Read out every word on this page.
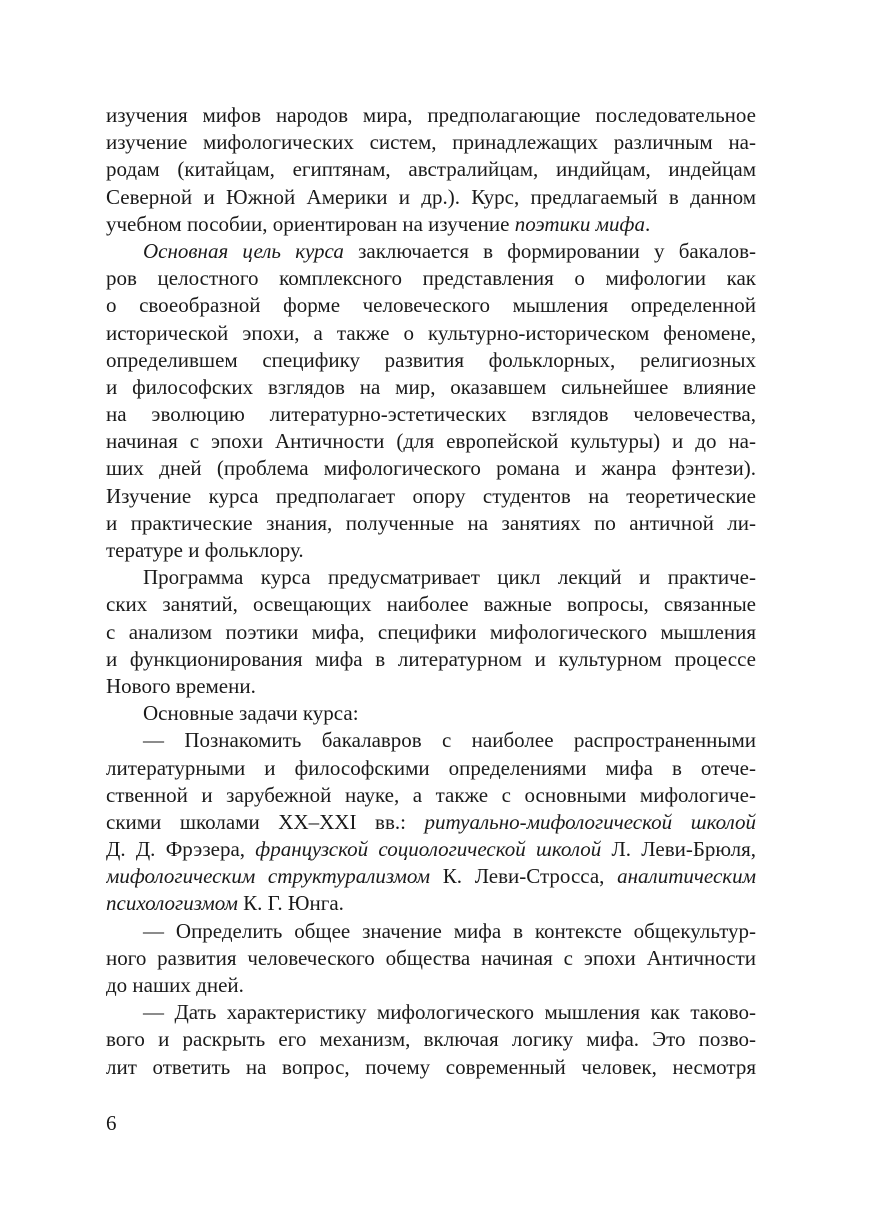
изучения мифов народов мира, предполагающие последовательное
изучение мифологических систем, принадлежащих различным на-
родам (китайцам, египтянам, австралийцам, индийцам, индейцам
Северной и Южной Америки и др.). Курс, предлагаемый в данном
учебном пособии, ориентирован на изучение поэтики мифа.
Основная цель курса заключается в формировании у бакалов-
ров целостного комплексного представления о мифологии как
о своеобразной форме человеческого мышления определенной
исторической эпохи, а также о культурно-историческом феномене,
определившем специфику развития фольклорных, религиозных
и философских взглядов на мир, оказавшем сильнейшее влияние
на эволюцию литературно-эстетических взглядов человечества,
начиная с эпохи Античности (для европейской культуры) и до на-
ших дней (проблема мифологического романа и жанра фэнтези).
Изучение курса предполагает опору студентов на теоретические
и практические знания, полученные на занятиях по античной ли-
тературе и фольклору.
Программа курса предусматривает цикл лекций и практиче-
ских занятий, освещающих наиболее важные вопросы, связанные
с анализом поэтики мифа, специфики мифологического мышления
и функционирования мифа в литературном и культурном процессе
Нового времени.
Основные задачи курса:
— Познакомить бакалавров с наиболее распространенными
литературными и философскими определениями мифа в отече-
ственной и зарубежной науке, а также с основными мифологиче-
скими школами XX–XXI вв.: ритуально-мифологической школой
Д. Д. Фрэзера, французской социологической школой Л. Леви-Брюля,
мифологическим структурализмом К. Леви-Стросса, аналитическим
психологизмом К. Г. Юнга.
— Определить общее значение мифа в контексте общекультур-
ного развития человеческого общества начиная с эпохи Античности
до наших дней.
— Дать характеристику мифологического мышления как таково-
вого и раскрыть его механизм, включая логику мифа. Это позво-
лит ответить на вопрос, почему современный человек, несмотря
6
